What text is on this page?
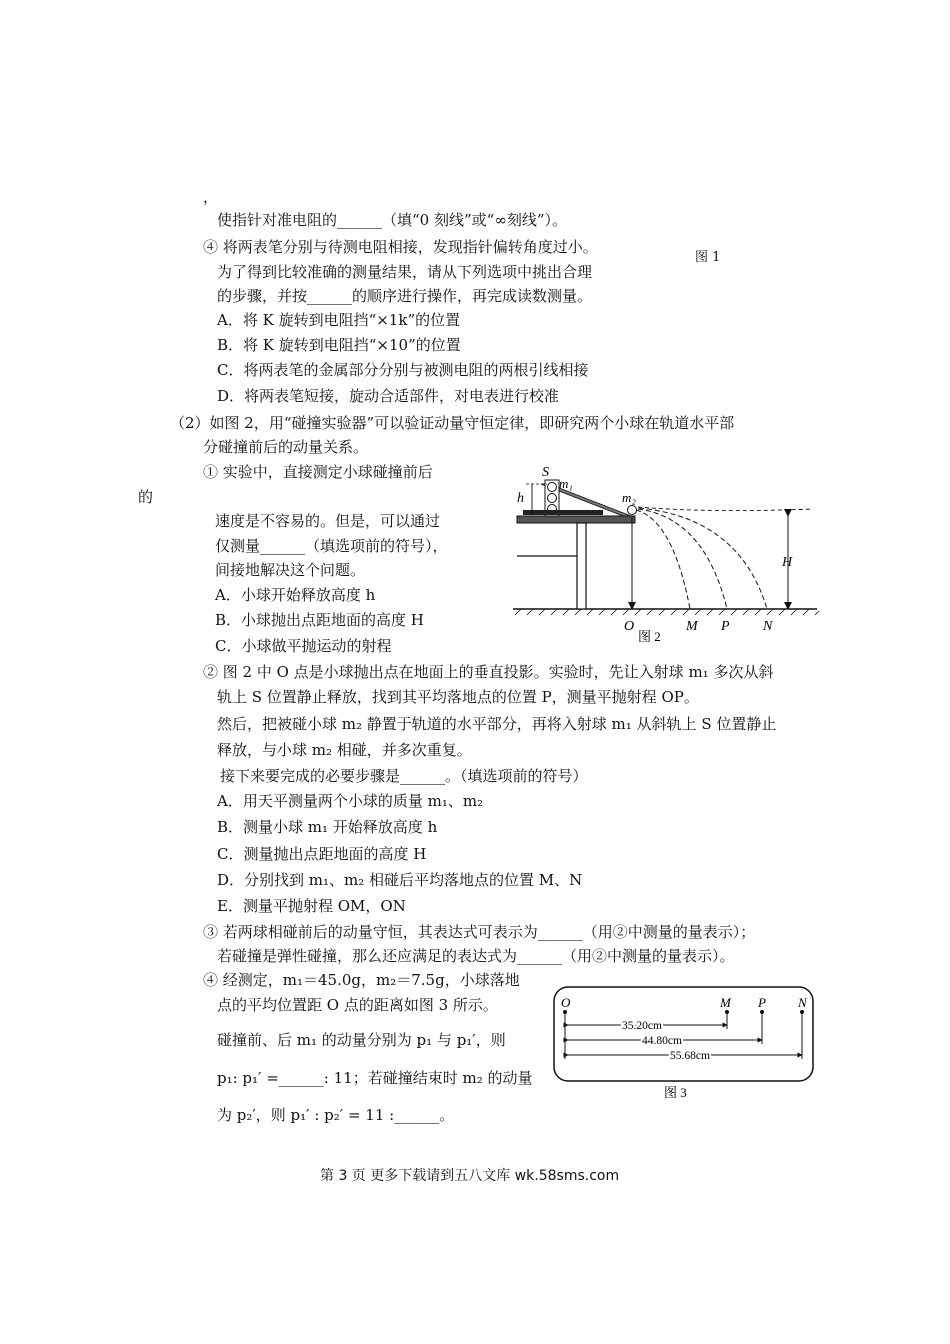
，
使指针对准电阻的______（填“0 刻线”或“∞刻线”）。
④ 将两表笔分别与待测电阻相接，发现指针偏转角度过小。
图 1
为了得到比较准确的测量结果，请从下列选项中挑出合理
的步骤，并按______的顺序进行操作，再完成读数测量。
A．将 K 旋转到电阻挡“×1k”的位置
B．将 K 旋转到电阻挡“×10”的位置
C．将两表笔的金属部分分别与被测电阻的两根引线相接
D．将两表笔短接，旋动合适部件，对电表进行校准
（2）如图 2，用“碰撞实验器”可以验证动量守恒定律，即研究两个小球在轨道水平部
分碰撞前后的动量关系。
① 实验中，直接测定小球碰撞前后
的
速度是不容易的。但是，可以通过
仅测量______（填选项前的符号），
间接地解决这个问题。
A．小球开始释放高度 h
B．小球抛出点距地面的高度 H
C．小球做平抛运动的射程
h
S
m₁
m₂
H
O	M P N
图 2
② 图 2 中 O 点是小球抛出点在地面上的垂直投影。实验时，先让入射球 m₁ 多次从斜
轨上 S 位置静止释放，找到其平均落地点的位置 P，测量平抛射程 OP。
然后，把被碰小球 m₂ 静置于轨道的水平部分，再将入射球 m₁ 从斜轨上 S 位置静止
释放，与小球 m₂ 相碰，并多次重复。
接下来要完成的必要步骤是______。（填选项前的符号）
A．用天平测量两个小球的质量 m₁、m₂
B．测量小球 m₁ 开始释放高度 h
C．测量抛出点距地面的高度 H
D．分别找到 m₁、m₂ 相碰后平均落地点的位置 M、N
E．测量平抛射程 OM，ON
③ 若两球相碰前后的动量守恒，其表达式可表示为______（用②中测量的量表示）；
若碰撞是弹性碰撞，那么还应满足的表达式为______（用②中测量的量表示）。
④ 经测定，m₁＝45.0g，m₂＝7.5g，小球落地
点的平均位置距 O 点的距离如图 3 所示。
碰撞前、后 m₁ 的动量分别为 p₁ 与 p₁′，则
p₁: p₁′ =______: 11；若碰撞结束时 m₂ 的动量
为 p₂′，则 p₁′ : p₂′ = 11 :______。
O	M P N
35.20cm
44.80cm
55.68cm
图 3
第 3 页 更多下载请到五八文库 wk.58sms.com
